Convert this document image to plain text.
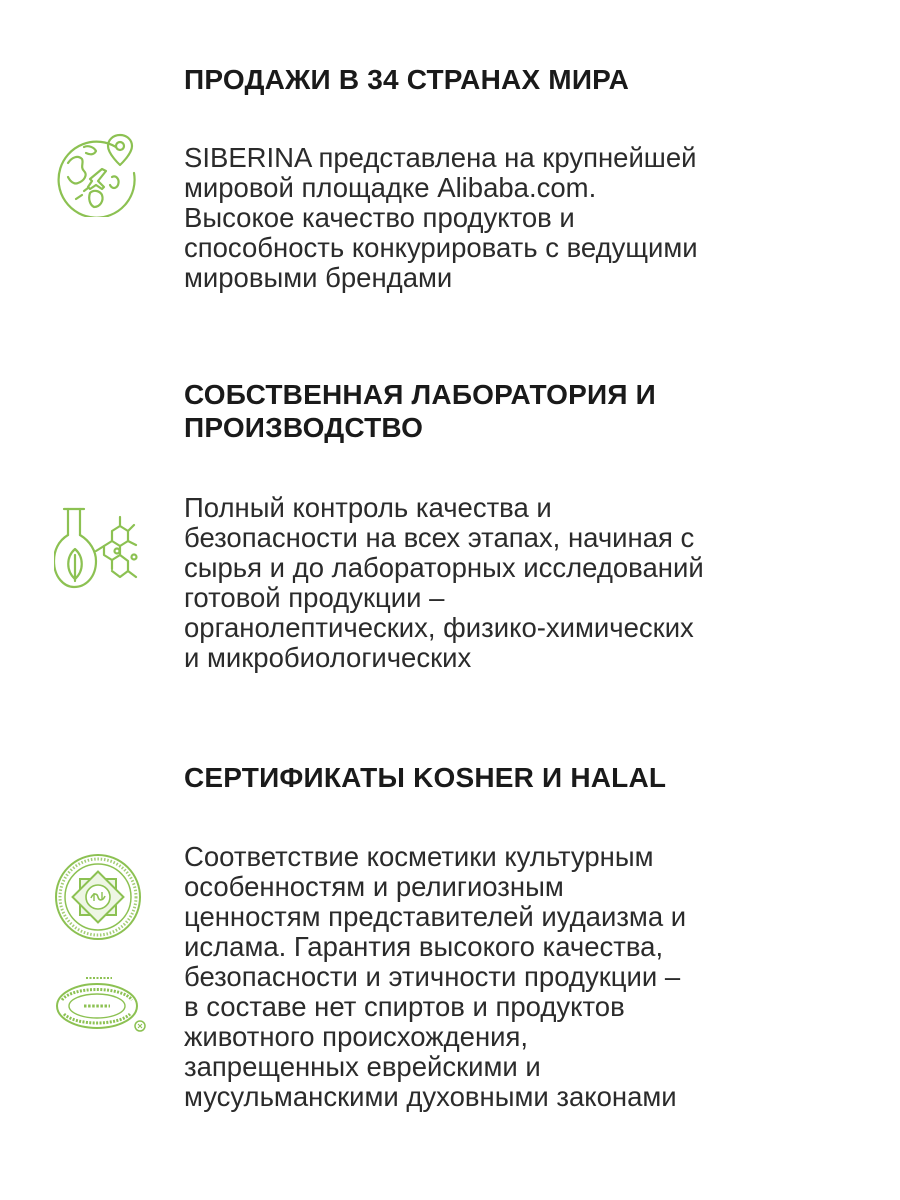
ПРОДАЖИ В 34 СТРАНАХ МИРА

SIBERINA представлена на крупнейшей
мировой площадке Alibaba.com.
Высокое качество продуктов и
способность конкурировать с ведущими
мировыми брендами

СОБСТВЕННАЯ ЛАБОРАТОРИЯ И
ПРОИЗВОДСТВО

Полный контроль качества и
безопасности на всех этапах, начиная с
сырья и до лабораторных исследований
готовой продукции –
органолептических, физико-химических
и микробиологических

СЕРТИФИКАТЫ KOSHER И HALAL

Соответствие косметики культурным
особенностям и религиозным
ценностям представителей иудаизма и
ислама. Гарантия высокого качества,
безопасности и этичности продукции –
в составе нет спиртов и продуктов
животного происхождения,
запрещенных еврейскими и
мусульманскими духовными законами
